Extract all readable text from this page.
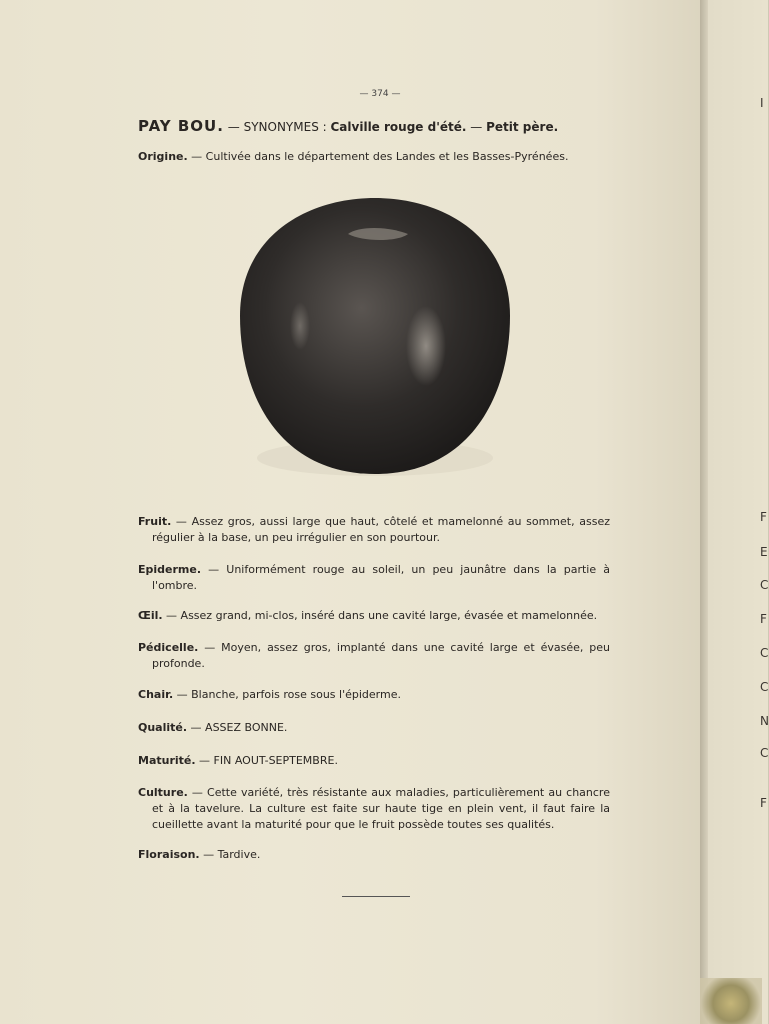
— 374 —
PAY BOU. — SYNONYMES : Calville rouge d'été. — Petit père.
Origine. — Cultivée dans le département des Landes et les Basses-Pyrénées.
Fruit. — Assez gros, aussi large que haut, côtelé et mamelonné au sommet, assez régulier à la base, un peu irrégulier en son pourtour.
Epiderme. — Uniformément rouge au soleil, un peu jaunâtre dans la partie à l'ombre.
Œil. — Assez grand, mi-clos, inséré dans une cavité large, évasée et mamelonnée.
Pédicelle. — Moyen, assez gros, implanté dans une cavité large et évasée, peu profonde.
Chair. — Blanche, parfois rose sous l'épiderme.
Qualité. — ASSEZ BONNE.
Maturité. — FIN AOUT-SEPTEMBRE.
Culture. — Cette variété, très résistante aux maladies, particulièrement au chancre et à la tavelure. La culture est faite sur haute tige en plein vent, il faut faire la cueillette avant la maturité pour que le fruit possède toutes ses qualités.
Floraison. — Tardive.
I
F
E
C
F
C
C
N
C
F
